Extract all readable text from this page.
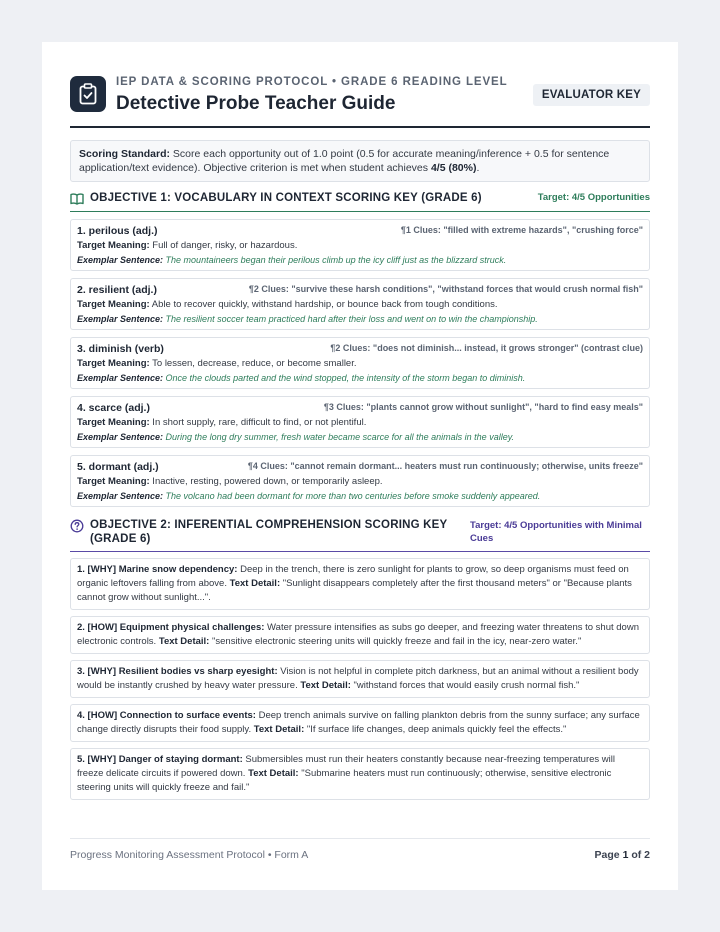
IEP DATA & SCORING PROTOCOL • GRADE 6 READING LEVEL
Detective Probe Teacher Guide	EVALUATOR KEY
Scoring Standard: Score each opportunity out of 1.0 point (0.5 for accurate meaning/inference + 0.5 for sentence application/text evidence). Objective criterion is met when student achieves 4/5 (80%).
OBJECTIVE 1: VOCABULARY IN CONTEXT SCORING KEY (GRADE 6)	Target: 4/5 Opportunities
1. perilous (adj.)	¶1 Clues: "filled with extreme hazards", "crushing force"
Target Meaning: Full of danger, risky, or hazardous.
Exemplar Sentence: The mountaineers began their perilous climb up the icy cliff just as the blizzard struck.
2. resilient (adj.)	¶2 Clues: "survive these harsh conditions", "withstand forces that would crush normal fish"
Target Meaning: Able to recover quickly, withstand hardship, or bounce back from tough conditions.
Exemplar Sentence: The resilient soccer team practiced hard after their loss and went on to win the championship.
3. diminish (verb)	¶2 Clues: "does not diminish... instead, it grows stronger" (contrast clue)
Target Meaning: To lessen, decrease, reduce, or become smaller.
Exemplar Sentence: Once the clouds parted and the wind stopped, the intensity of the storm began to diminish.
4. scarce (adj.)	¶3 Clues: "plants cannot grow without sunlight", "hard to find easy meals"
Target Meaning: In short supply, rare, difficult to find, or not plentiful.
Exemplar Sentence: During the long dry summer, fresh water became scarce for all the animals in the valley.
5. dormant (adj.)	¶4 Clues: "cannot remain dormant... heaters must run continuously; otherwise, units freeze"
Target Meaning: Inactive, resting, powered down, or temporarily asleep.
Exemplar Sentence: The volcano had been dormant for more than two centuries before smoke suddenly appeared.
OBJECTIVE 2: INFERENTIAL COMPREHENSION SCORING KEY (GRADE 6)
Target: 4/5 Opportunities with Minimal Cues
1. [WHY] Marine snow dependency: Deep in the trench, there is zero sunlight for plants to grow, so deep organisms must feed on organic leftovers falling from above. Text Detail: "Sunlight disappears completely after the first thousand meters" or "Because plants cannot grow without sunlight...".
2. [HOW] Equipment physical challenges: Water pressure intensifies as subs go deeper, and freezing water threatens to shut down electronic controls. Text Detail: "sensitive electronic steering units will quickly freeze and fail in the icy, near-zero water."
3. [WHY] Resilient bodies vs sharp eyesight: Vision is not helpful in complete pitch darkness, but an animal without a resilient body would be instantly crushed by heavy water pressure. Text Detail: "withstand forces that would easily crush normal fish."
4. [HOW] Connection to surface events: Deep trench animals survive on falling plankton debris from the sunny surface; any surface change directly disrupts their food supply. Text Detail: "If surface life changes, deep animals quickly feel the effects."
5. [WHY] Danger of staying dormant: Submersibles must run their heaters constantly because near-freezing temperatures will freeze delicate circuits if powered down. Text Detail: "Submarine heaters must run continuously; otherwise, sensitive electronic steering units will quickly freeze and fail."
Progress Monitoring Assessment Protocol • Form A	Page 1 of 2
